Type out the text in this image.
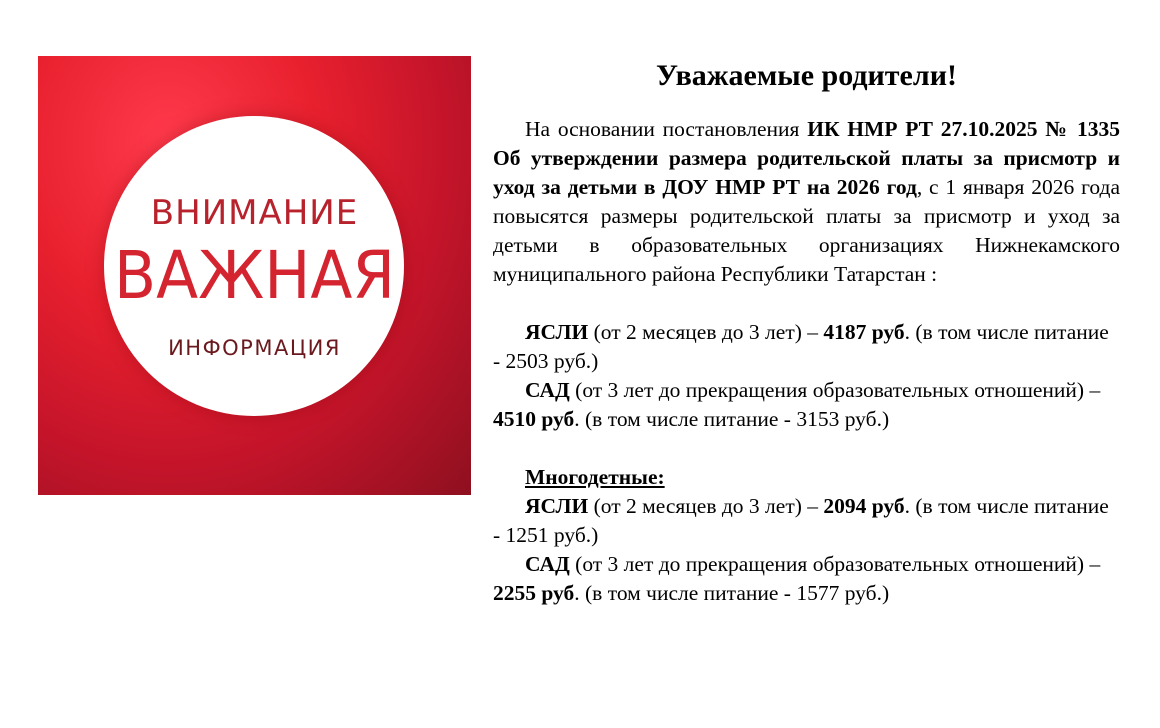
ВНИМАНИЕ
ВАЖНАЯ
ИНФОРМАЦИЯ
Уважаемые родители!

На основании постановления ИК НМР РТ 27.10.2025 № 1335 Об утверждении размера родительской платы за присмотр и уход за детьми в ДОУ НМР РТ на 2026 год, с 1 января 2026 года повысятся размеры родительской платы за присмотр и уход за детьми в образовательных организациях Нижнекамского муниципального района Республики Татарстан :

ЯСЛИ (от 2 месяцев до 3 лет) – 4187 руб. (в том числе питание - 2503 руб.)

САД (от 3 лет до прекращения образовательных отношений) – 4510 руб. (в том числе питание - 3153 руб.)

Многодетные:

ЯСЛИ (от 2 месяцев до 3 лет) – 2094 руб. (в том числе питание - 1251 руб.)

САД (от 3 лет до прекращения образовательных отношений) – 2255 руб. (в том числе питание - 1577 руб.)
